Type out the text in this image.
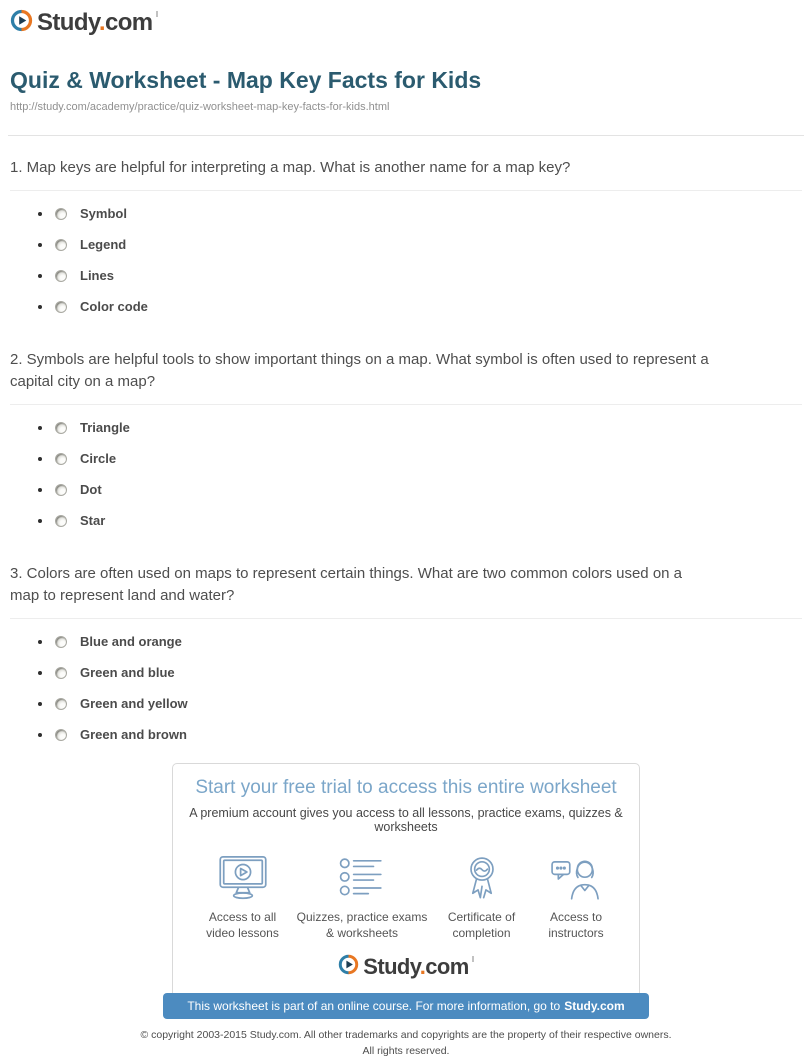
Study.com
Quiz & Worksheet - Map Key Facts for Kids
http://study.com/academy/practice/quiz-worksheet-map-key-facts-for-kids.html
1. Map keys are helpful for interpreting a map. What is another name for a map key?
Symbol
Legend
Lines
Color code
2. Symbols are helpful tools to show important things on a map. What symbol is often used to represent a capital city on a map?
Triangle
Circle
Dot
Star
3. Colors are often used on maps to represent certain things. What are two common colors used on a map to represent land and water?
Blue and orange
Green and blue
Green and yellow
Green and brown
Start your free trial to access this entire worksheet
A premium account gives you access to all lessons, practice exams, quizzes & worksheets
Access to all video lessons
Quizzes, practice exams & worksheets
Certificate of completion
Access to instructors
Study.com
This worksheet is part of an online course. For more information, go to Study.com
© copyright 2003-2015 Study.com. All other trademarks and copyrights are the property of their respective owners.
All rights reserved.
